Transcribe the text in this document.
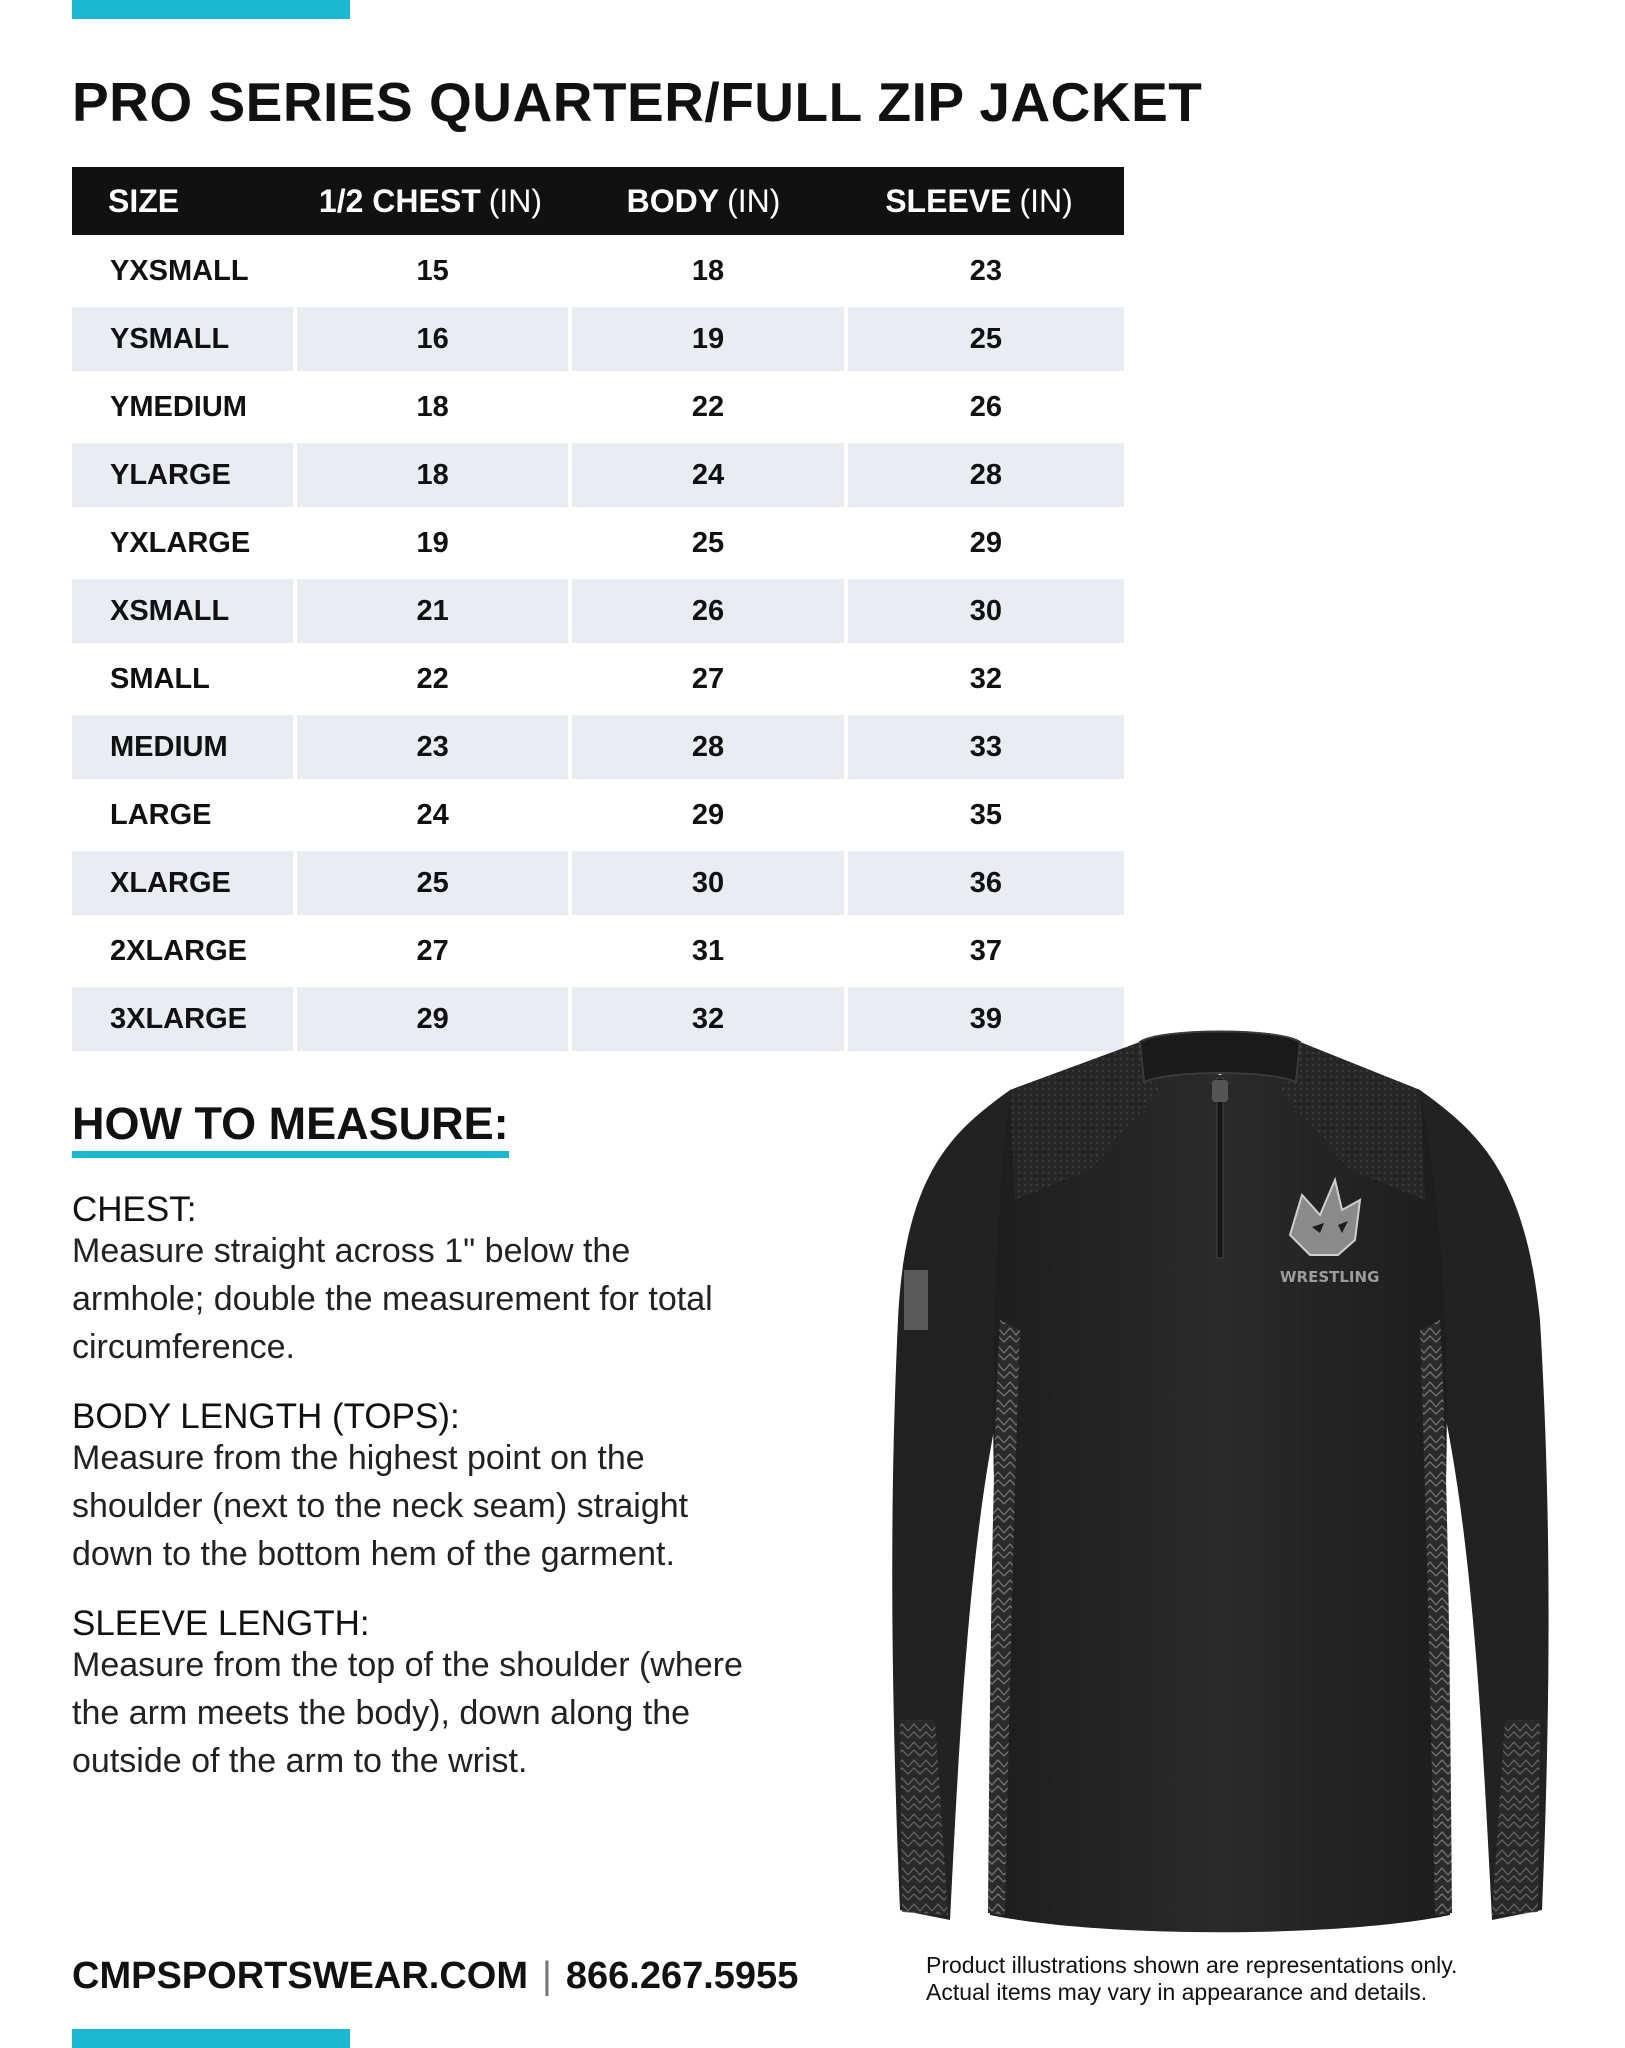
PRO SERIES QUARTER/FULL ZIP JACKET
SIZE	1/2 CHEST (IN)	BODY (IN)	SLEEVE (IN)
YXSMALL	15	18	23
YSMALL	16	19	25
YMEDIUM	18	22	26
YLARGE	18	24	28
YXLARGE	19	25	29
XSMALL	21	26	30
SMALL	22	27	32
MEDIUM	23	28	33
LARGE	24	29	35
XLARGE	25	30	36
2XLARGE	27	31	37
3XLARGE	29	32	39
HOW TO MEASURE:

CHEST:

Measure straight across 1" below the

armhole; double the measurement for total

circumference.

BODY LENGTH (TOPS):

Measure from the highest point on the

shoulder (next to the neck seam) straight

down to the bottom hem of the garment.

SLEEVE LENGTH:

Measure from the top of the shoulder (where

the arm meets the body), down along the

outside of the arm to the wrist.

WRESTLING
CMPSPORTSWEAR.COM | 866.267.5955	Product illustrations shown are representations only.

Actual items may vary in appearance and details.
